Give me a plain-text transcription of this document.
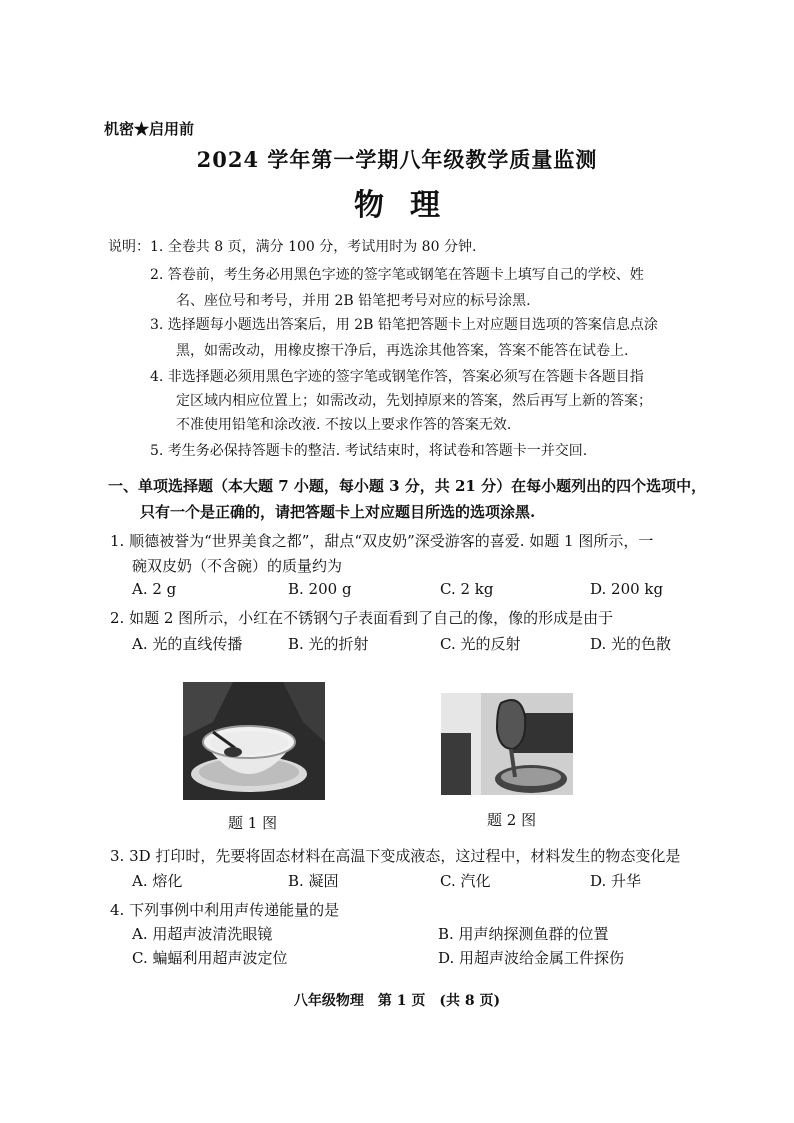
机密★启用前
2024 学年第一学期八年级教学质量监测
物理
说明： 1. 全卷共 8 页，满分 100 分，考试用时为 80 分钟.
2. 答卷前，考生务必用黑色字迹的签字笔或钢笔在答题卡上填写自己的学校、姓
名、座位号和考号，并用 2B 铅笔把考号对应的标号涂黑.
3. 选择题每小题选出答案后，用 2B 铅笔把答题卡上对应题目选项的答案信息点涂
黑，如需改动，用橡皮擦干净后，再选涂其他答案，答案不能答在试卷上.
4. 非选择题必须用黑色字迹的签字笔或钢笔作答，答案必须写在答题卡各题目指
定区域内相应位置上；如需改动，先划掉原来的答案，然后再写上新的答案；
不准使用铅笔和涂改液. 不按以上要求作答的答案无效.
5. 考生务必保持答题卡的整洁. 考试结束时，将试卷和答题卡一并交回.
一、单项选择题（本大题 7 小题，每小题 3 分，共 21 分）在每小题列出的四个选项中，
只有一个是正确的，请把答题卡上对应题目所选的选项涂黑.
1. 顺德被誉为“世界美食之都”，甜点“双皮奶”深受游客的喜爱. 如题 1 图所示，一
碗双皮奶（不含碗）的质量约为
A. 2 g	B. 200 g	C. 2 kg	D. 200 kg
2. 如题 2 图所示，小红在不锈钢勺子表面看到了自己的像，像的形成是由于
A. 光的直线传播	B. 光的折射	C. 光的反射	D. 光的色散
题 1 图	题 2 图
3. 3D 打印时，先要将固态材料在高温下变成液态，这过程中，材料发生的物态变化是
A. 熔化	B. 凝固	C. 汽化	D. 升华
4. 下列事例中利用声传递能量的是
A. 用超声波清洗眼镜	B. 用声纳探测鱼群的位置
C. 蝙蝠利用超声波定位	D. 用超声波给金属工件探伤
八年级物理　第 1 页　(共 8 页)
